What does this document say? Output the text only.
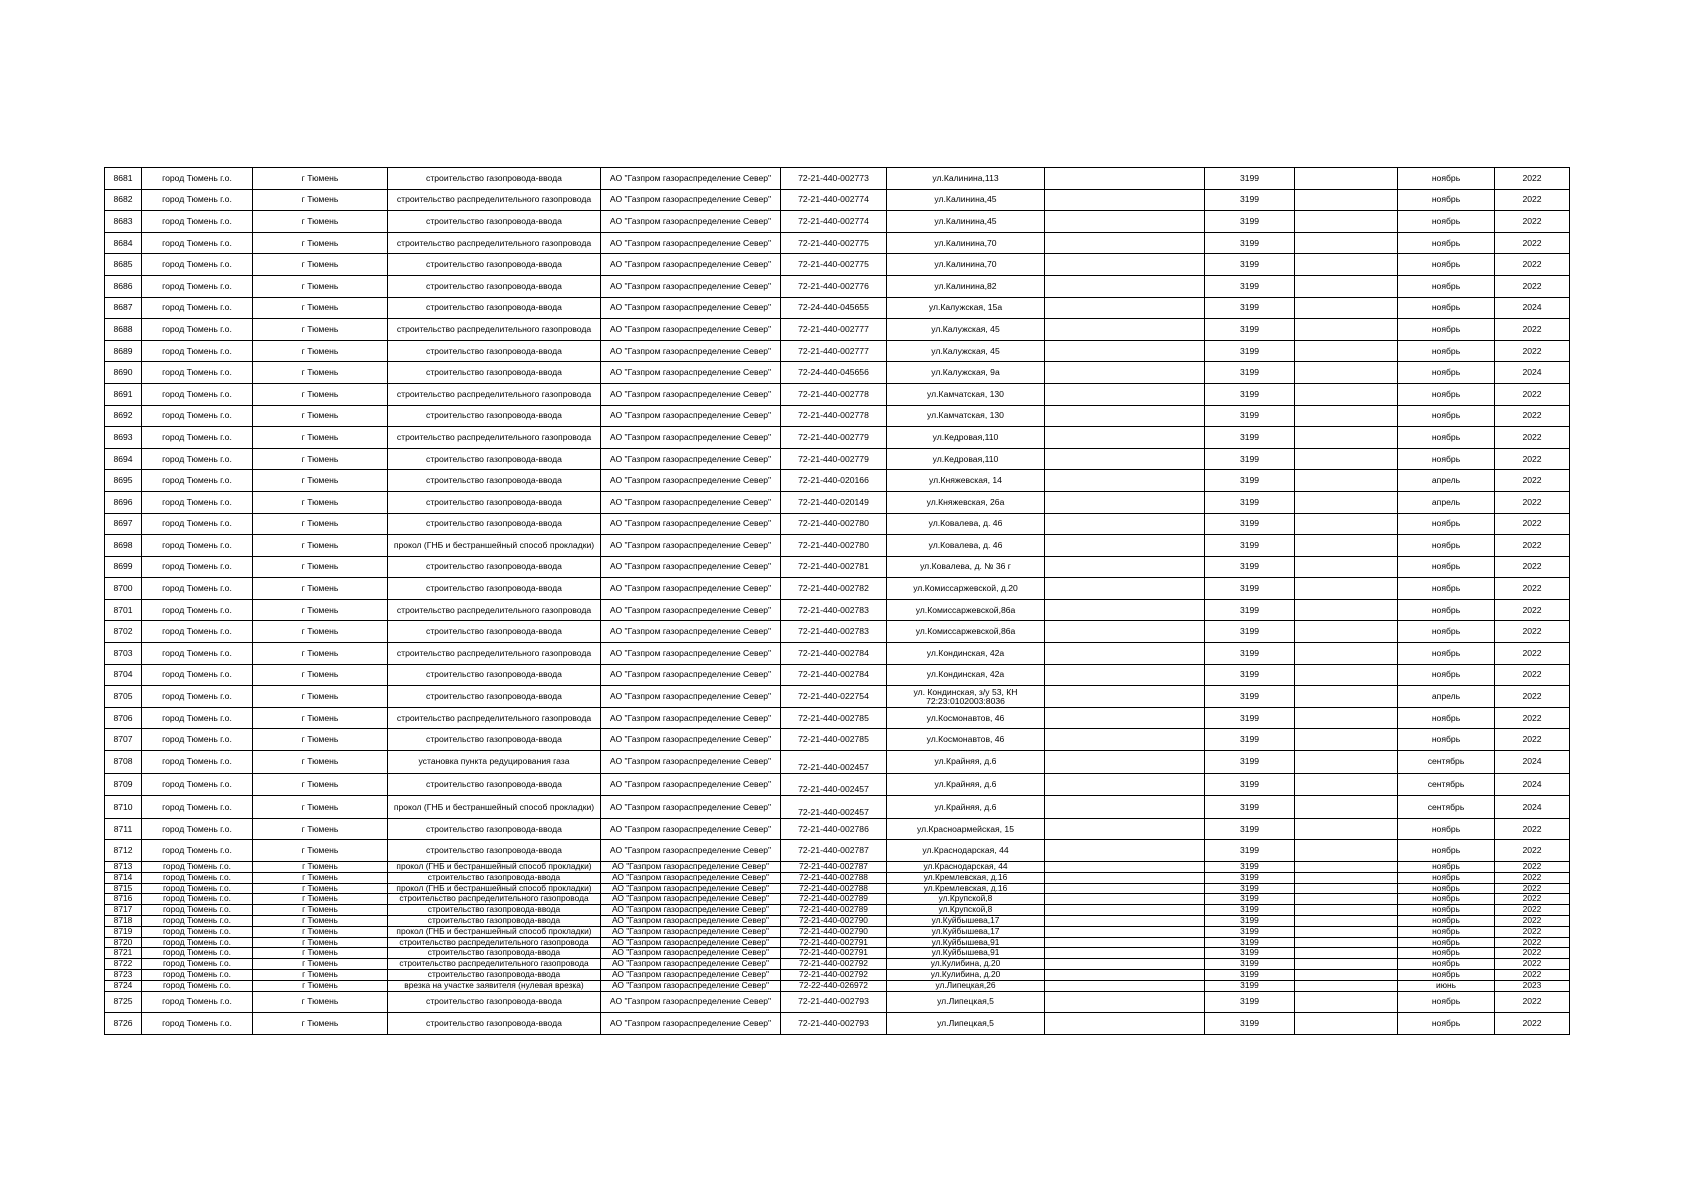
8681	город Тюмень г.о.	г Тюмень	строительство газопровода-ввода	АО "Газпром газораспределение Север"	72-21-440-002773	ул.Калинина,113		3199		ноябрь	2022
8682	город Тюмень г.о.	г Тюмень	строительство распределительного газопровода	АО "Газпром газораспределение Север"	72-21-440-002774	ул.Калинина,45		3199		ноябрь	2022
8683	город Тюмень г.о.	г Тюмень	строительство газопровода-ввода	АО "Газпром газораспределение Север"	72-21-440-002774	ул.Калинина,45		3199		ноябрь	2022
8684	город Тюмень г.о.	г Тюмень	строительство распределительного газопровода	АО "Газпром газораспределение Север"	72-21-440-002775	ул.Калинина,70		3199		ноябрь	2022
8685	город Тюмень г.о.	г Тюмень	строительство газопровода-ввода	АО "Газпром газораспределение Север"	72-21-440-002775	ул.Калинина,70		3199		ноябрь	2022
8686	город Тюмень г.о.	г Тюмень	строительство газопровода-ввода	АО "Газпром газораспределение Север"	72-21-440-002776	ул.Калинина,82		3199		ноябрь	2022
8687	город Тюмень г.о.	г Тюмень	строительство газопровода-ввода	АО "Газпром газораспределение Север"	72-24-440-045655	ул.Калужская, 15а		3199		ноябрь	2024
8688	город Тюмень г.о.	г Тюмень	строительство распределительного газопровода	АО "Газпром газораспределение Север"	72-21-440-002777	ул.Калужская, 45		3199		ноябрь	2022
8689	город Тюмень г.о.	г Тюмень	строительство газопровода-ввода	АО "Газпром газораспределение Север"	72-21-440-002777	ул.Калужская, 45		3199		ноябрь	2022
8690	город Тюмень г.о.	г Тюмень	строительство газопровода-ввода	АО "Газпром газораспределение Север"	72-24-440-045656	ул.Калужская, 9а		3199		ноябрь	2024
8691	город Тюмень г.о.	г Тюмень	строительство распределительного газопровода	АО "Газпром газораспределение Север"	72-21-440-002778	ул.Камчатская, 130		3199		ноябрь	2022
8692	город Тюмень г.о.	г Тюмень	строительство газопровода-ввода	АО "Газпром газораспределение Север"	72-21-440-002778	ул.Камчатская, 130		3199		ноябрь	2022
8693	город Тюмень г.о.	г Тюмень	строительство распределительного газопровода	АО "Газпром газораспределение Север"	72-21-440-002779	ул.Кедровая,110		3199		ноябрь	2022
8694	город Тюмень г.о.	г Тюмень	строительство газопровода-ввода	АО "Газпром газораспределение Север"	72-21-440-002779	ул.Кедровая,110		3199		ноябрь	2022
8695	город Тюмень г.о.	г Тюмень	строительство газопровода-ввода	АО "Газпром газораспределение Север"	72-21-440-020166	ул.Княжевская, 14		3199		апрель	2022
8696	город Тюмень г.о.	г Тюмень	строительство газопровода-ввода	АО "Газпром газораспределение Север"	72-21-440-020149	ул.Княжевская, 26а		3199		апрель	2022
8697	город Тюмень г.о.	г Тюмень	строительство газопровода-ввода	АО "Газпром газораспределение Север"	72-21-440-002780	ул.Ковалева, д. 46		3199		ноябрь	2022
8698	город Тюмень г.о.	г Тюмень	прокол (ГНБ и бестраншейный способ прокладки)	АО "Газпром газораспределение Север"	72-21-440-002780	ул.Ковалева, д. 46		3199		ноябрь	2022
8699	город Тюмень г.о.	г Тюмень	строительство газопровода-ввода	АО "Газпром газораспределение Север"	72-21-440-002781	ул.Ковалева, д. № 36 г		3199		ноябрь	2022
8700	город Тюмень г.о.	г Тюмень	строительство газопровода-ввода	АО "Газпром газораспределение Север"	72-21-440-002782	ул.Комиссаржевской, д.20		3199		ноябрь	2022
8701	город Тюмень г.о.	г Тюмень	строительство распределительного газопровода	АО "Газпром газораспределение Север"	72-21-440-002783	ул.Комиссаржевской,86а		3199		ноябрь	2022
8702	город Тюмень г.о.	г Тюмень	строительство газопровода-ввода	АО "Газпром газораспределение Север"	72-21-440-002783	ул.Комиссаржевской,86а		3199		ноябрь	2022
8703	город Тюмень г.о.	г Тюмень	строительство распределительного газопровода	АО "Газпром газораспределение Север"	72-21-440-002784	ул.Кондинская, 42а		3199		ноябрь	2022
8704	город Тюмень г.о.	г Тюмень	строительство газопровода-ввода	АО "Газпром газораспределение Север"	72-21-440-002784	ул.Кондинская, 42а		3199		ноябрь	2022
8705	город Тюмень г.о.	г Тюмень	строительство газопровода-ввода	АО "Газпром газораспределение Север"	72-21-440-022754	ул. Кондинская, з/у 53, КН 72:23:0102003:8036		3199		апрель	2022
8706	город Тюмень г.о.	г Тюмень	строительство распределительного газопровода	АО "Газпром газораспределение Север"	72-21-440-002785	ул.Космонавтов, 46		3199		ноябрь	2022
8707	город Тюмень г.о.	г Тюмень	строительство газопровода-ввода	АО "Газпром газораспределение Север"	72-21-440-002785	ул.Космонавтов, 46		3199		ноябрь	2022
8708	город Тюмень г.о.	г Тюмень	установка пункта редуцирования газа	АО "Газпром газораспределение Север"	72-21-440-002457	ул.Крайняя, д.6		3199		сентябрь	2024
8709	город Тюмень г.о.	г Тюмень	строительство газопровода-ввода	АО "Газпром газораспределение Север"	72-21-440-002457	ул.Крайняя, д.6		3199		сентябрь	2024
8710	город Тюмень г.о.	г Тюмень	прокол (ГНБ и бестраншейный способ прокладки)	АО "Газпром газораспределение Север"	72-21-440-002457	ул.Крайняя, д.6		3199		сентябрь	2024
8711	город Тюмень г.о.	г Тюмень	строительство газопровода-ввода	АО "Газпром газораспределение Север"	72-21-440-002786	ул.Красноармейская, 15		3199		ноябрь	2022
8712	город Тюмень г.о.	г Тюмень	строительство газопровода-ввода	АО "Газпром газораспределение Север"	72-21-440-002787	ул.Краснодарская, 44		3199		ноябрь	2022
8713	город Тюмень г.о.	г Тюмень	прокол (ГНБ и бестраншейный способ прокладки)	АО "Газпром газораспределение Север"	72-21-440-002787	ул.Краснодарская, 44		3199		ноябрь	2022
8714	город Тюмень г.о.	г Тюмень	строительство газопровода-ввода	АО "Газпром газораспределение Север"	72-21-440-002788	ул.Кремлевская, д.16		3199		ноябрь	2022
8715	город Тюмень г.о.	г Тюмень	прокол (ГНБ и бестраншейный способ прокладки)	АО "Газпром газораспределение Север"	72-21-440-002788	ул.Кремлевская, д.16		3199		ноябрь	2022
8716	город Тюмень г.о.	г Тюмень	строительство распределительного газопровода	АО "Газпром газораспределение Север"	72-21-440-002789	ул.Крупской,8		3199		ноябрь	2022
8717	город Тюмень г.о.	г Тюмень	строительство газопровода-ввода	АО "Газпром газораспределение Север"	72-21-440-002789	ул.Крупской,8		3199		ноябрь	2022
8718	город Тюмень г.о.	г Тюмень	строительство газопровода-ввода	АО "Газпром газораспределение Север"	72-21-440-002790	ул.Куйбышева,17		3199		ноябрь	2022
8719	город Тюмень г.о.	г Тюмень	прокол (ГНБ и бестраншейный способ прокладки)	АО "Газпром газораспределение Север"	72-21-440-002790	ул.Куйбышева,17		3199		ноябрь	2022
8720	город Тюмень г.о.	г Тюмень	строительство распределительного газопровода	АО "Газпром газораспределение Север"	72-21-440-002791	ул.Куйбышева,91		3199		ноябрь	2022
8721	город Тюмень г.о.	г Тюмень	строительство газопровода-ввода	АО "Газпром газораспределение Север"	72-21-440-002791	ул.Куйбышева,91		3199		ноябрь	2022
8722	город Тюмень г.о.	г Тюмень	строительство распределительного газопровода	АО "Газпром газораспределение Север"	72-21-440-002792	ул.Кулибина, д.20		3199		ноябрь	2022
8723	город Тюмень г.о.	г Тюмень	строительство газопровода-ввода	АО "Газпром газораспределение Север"	72-21-440-002792	ул.Кулибина, д.20		3199		ноябрь	2022
8724	город Тюмень г.о.	г Тюмень	врезка на участке заявителя (нулевая врезка)	АО "Газпром газораспределение Север"	72-22-440-026972	ул.Липецкая,26		3199		июнь	2023
8725	город Тюмень г.о.	г Тюмень	строительство газопровода-ввода	АО "Газпром газораспределение Север"	72-21-440-002793	ул.Липецкая,5		3199		ноябрь	2022
8726	город Тюмень г.о.	г Тюмень	строительство газопровода-ввода	АО "Газпром газораспределение Север"	72-21-440-002793	ул.Липецкая,5		3199		ноябрь	2022
